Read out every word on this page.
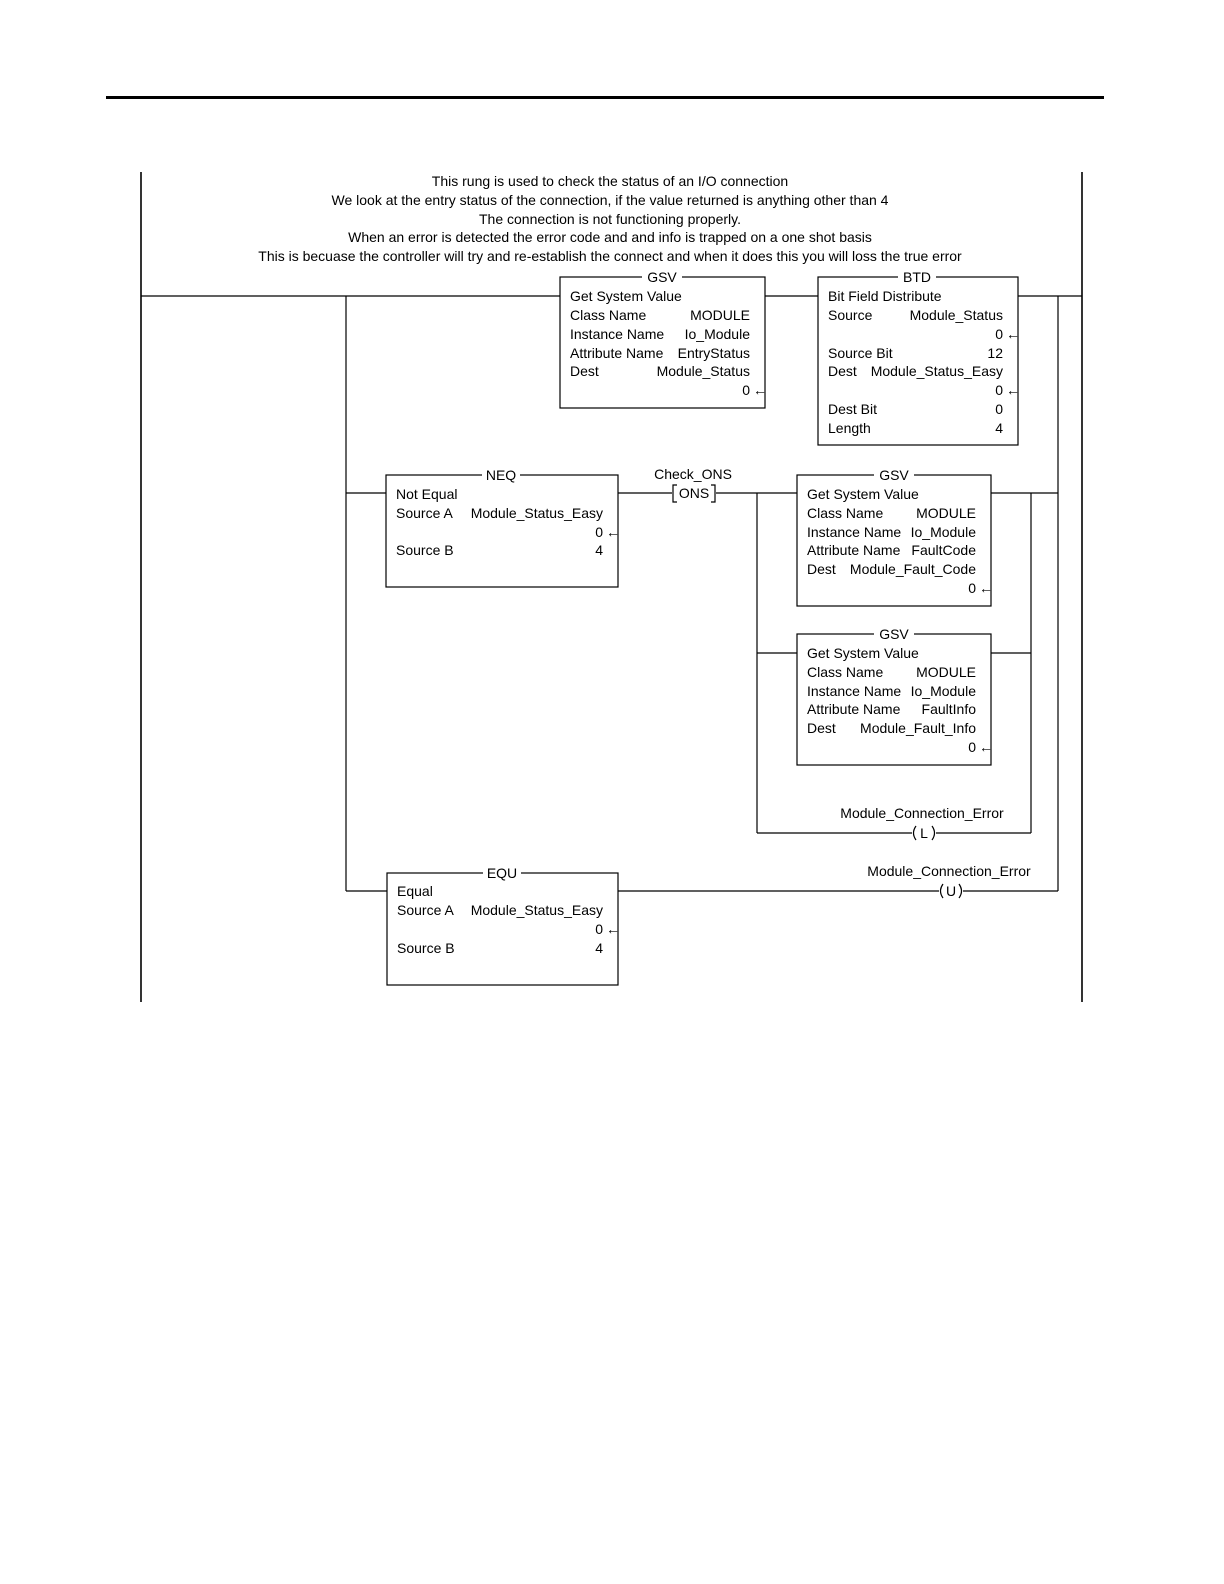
This rung is used to check the status of an I/O connection
We look at the entry status of the connection, if the value returned is anything other than 4
The connection is not functioning properly.
When an error is detected the error code and and info is trapped on a one shot basis
This is becuase the controller will try and re-establish the connect and when it does this you will loss the true error
GSV
Get System Value
Class Name	MODULE
Instance Name Io_Module
Attribute Name EntryStatus
Dest	Module_Status
0 ←
BTD
Bit Field Distribute
Source	Module_Status
0 ←
Source Bit	12
Dest Module_Status_Easy
0 ←
Dest Bit	0
Length	4
NEQ
Not Equal
Source A Module_Status_Easy
0 ←
Source B	4
Check_ONS
ONS
GSV
Get System Value
Class Name MODULE
Instance Name Io_Module
Attribute Name FaultCode
Dest Module_Fault_Code
0 ←
GSV
Get System Value
Class Name MODULE
Instance Name Io_Module
Attribute Name FaultInfo
Dest Module_Fault_Info
0 ←
Module_Connection_Error
L
EQU
Equal
Source A Module_Status_Easy
0 ←
Source B	4
Module_Connection_Error
U
